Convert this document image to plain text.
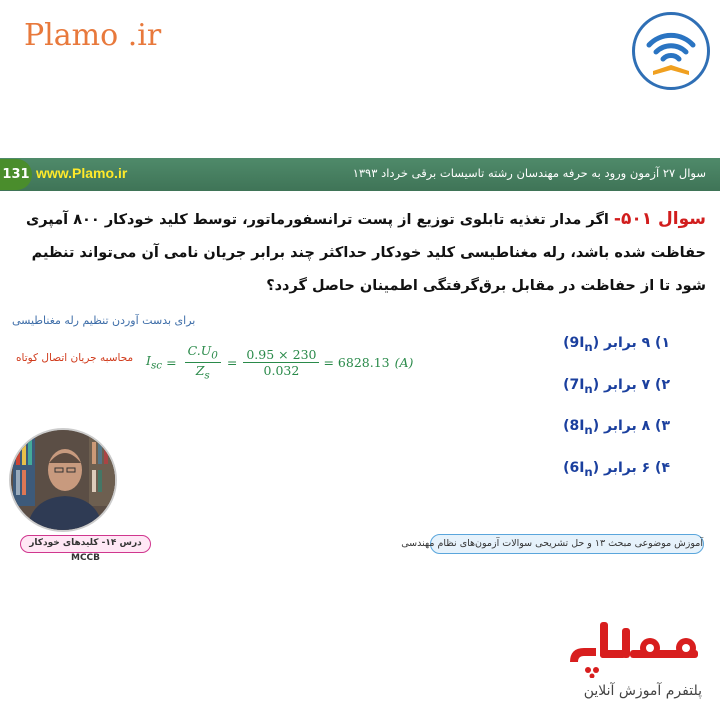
Plamo .ir
131 www.Plamo.ir	سوال ۲۷ آزمون ورود به حرفه مهندسان رشته تاسیسات برقی خرداد ۱۳۹۳
سوال ۵۰۱- اگر مدار تغذیه تابلوی توزیع از پست ترانسفورماتور، توسط کلید خودکار ۸۰۰ آمپری حفاظت شده باشد، رله مغناطیسی کلید خودکار حداکثر چند برابر جریان نامی آن می‌تواند تنظیم شود تا از حفاظت در مقابل برق‌گرفتگی اطمینان حاصل گردد؟
برای بدست آوردن تنظیم رله مغناطیسی
محاسبه جریان اتصال کوتاه $I_{sc} = \frac{C.U_0}{Z_s} = \frac{0.95 \times 230}{0.032} = 6828.13$ (A)
۱) ۹ برابر $(9I_n)$
۲) ۷ برابر $(7I_n)$
۳) ۸ برابر $(8I_n)$
۴) ۶ برابر $(6I_n)$
درس ۱۴- کلیدهای خودکار MCCB
آموزش موضوعی مبحث ۱۳ و حل تشریحی سوالات آزمون‌های نظام مهندسی
پلتفرم آموزش آنلاین
